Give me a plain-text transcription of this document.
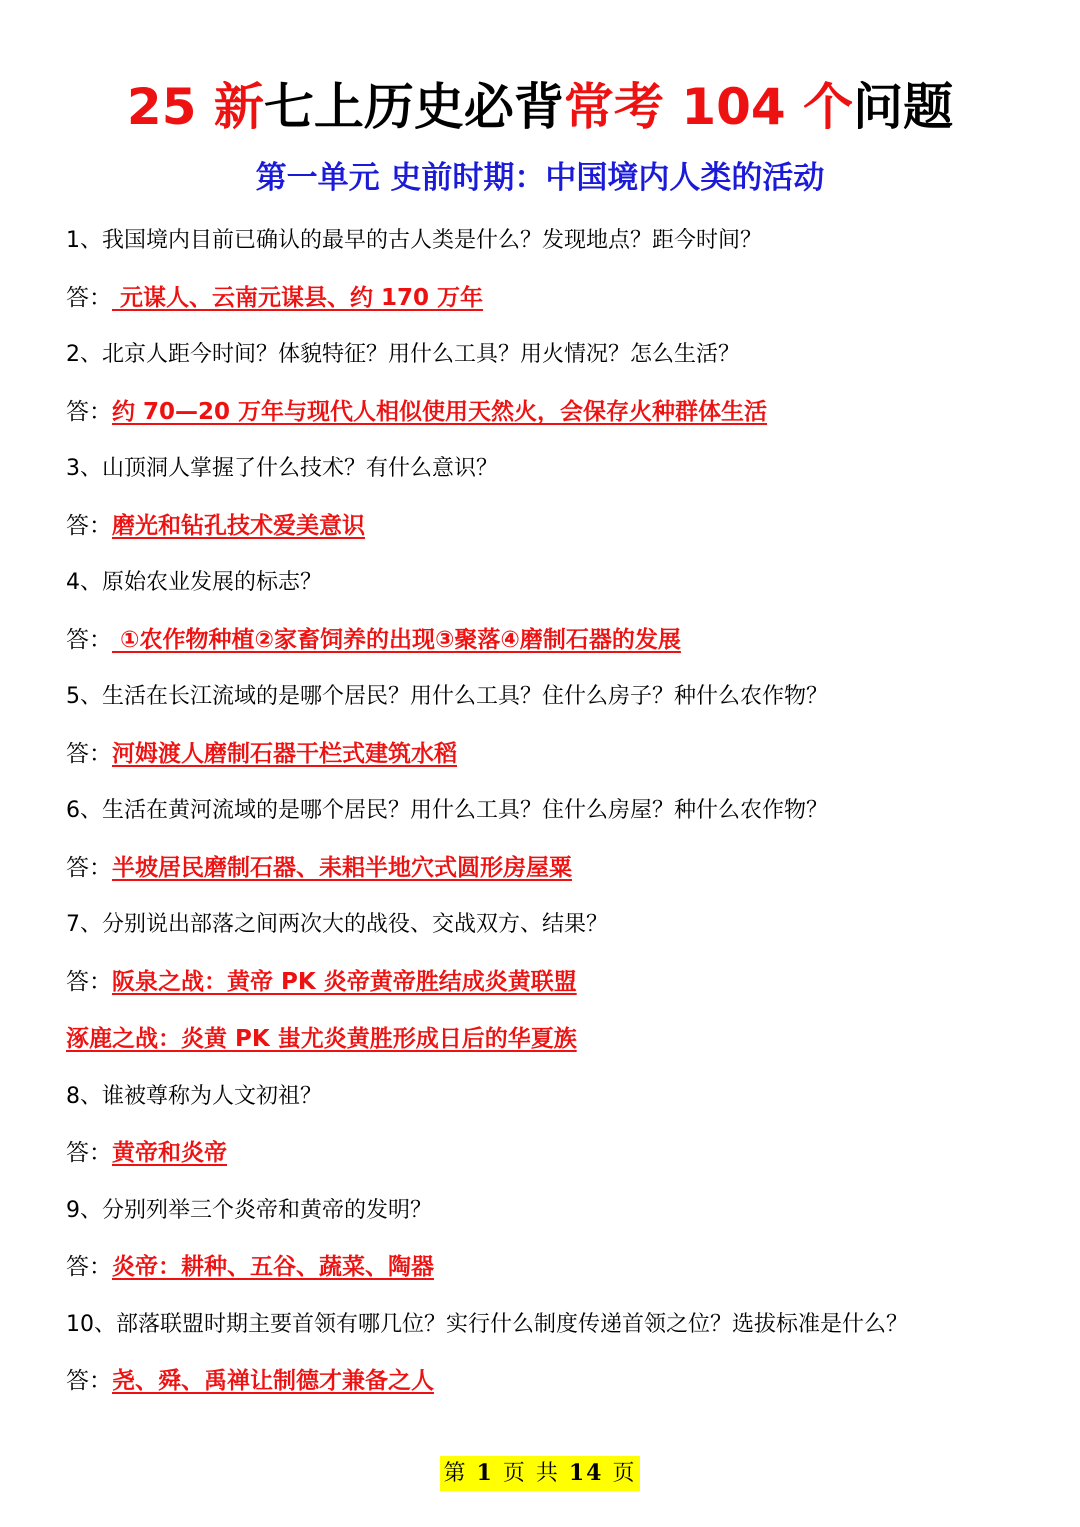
25 新七上历史必背常考 104 个问题
第一单元 史前时期：中国境内人类的活动
1、我国境内目前已确认的最早的古人类是什么？发现地点？距今时间？
答： 元谋人、云南元谋县、约 170 万年
2、北京人距今时间？体貌特征？用什么工具？用火情况？怎么生活？
答：约 70—20 万年与现代人相似使用天然火，会保存火种群体生活
3、山顶洞人掌握了什么技术？有什么意识？
答：磨光和钻孔技术爱美意识
4、原始农业发展的标志？
答： ①农作物种植②家畜饲养的出现③聚落④磨制石器的发展
5、生活在长江流域的是哪个居民？用什么工具？住什么房子？种什么农作物？
答：河姆渡人磨制石器干栏式建筑水稻
6、生活在黄河流域的是哪个居民？用什么工具？住什么房屋？种什么农作物？
答：半坡居民磨制石器、耒耜半地穴式圆形房屋粟
7、分别说出部落之间两次大的战役、交战双方、结果？
答：阪泉之战：黄帝 PK 炎帝黄帝胜结成炎黄联盟
涿鹿之战：炎黄 PK 蚩尤炎黄胜形成日后的华夏族
8、谁被尊称为人文初祖？
答：黄帝和炎帝
9、分别列举三个炎帝和黄帝的发明？
答：炎帝：耕种、五谷、蔬菜、陶器
10、部落联盟时期主要首领有哪几位？实行什么制度传递首领之位？选拔标准是什么？
答：尧、舜、禹禅让制德才兼备之人
第 1 页 共 14 页
